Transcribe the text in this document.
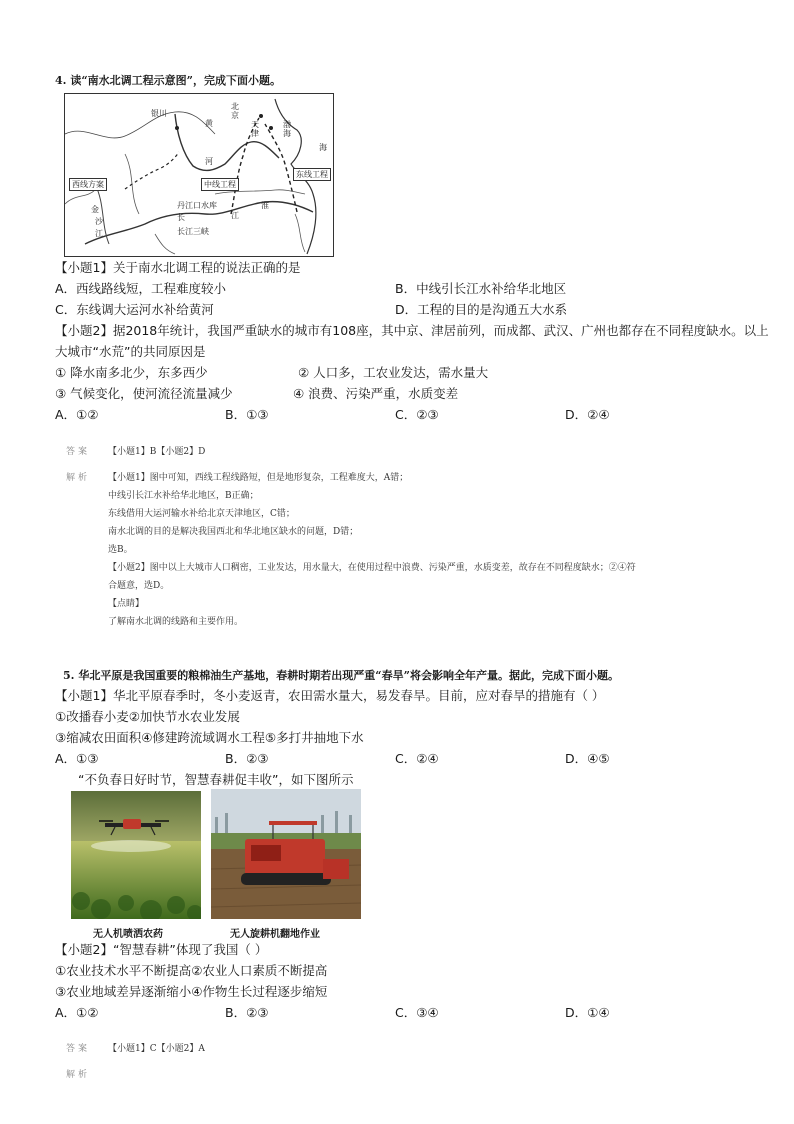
4. 读“南水北调工程示意图”，完成下面小题。
银川
黄
河
北京
天津
渤海
西线方案	中线工程
东线工程
丹江口水库
长	江
长江三峡
淮
金
沙
江
海
【小题1】关于南水北调工程的说法正确的是
A．西线路线短，工程难度较小	B．中线引长江水补给华北地区
C．东线调大运河水补给黄河	D．工程的目的是沟通五大水系
【小题2】据2018年统计，我国严重缺水的城市有108座，其中京、津居前列，而成都、武汉、广州也都存在不同程度缺水。以上
大城市“水荒”的共同原因是
① 降水南多北少，东多西少	② 人口多，工农业发达，需水量大
③ 气候变化，使河流径流量减少	④ 浪费、污染严重，水质变差
A．①②	B．①③	C．②③	D．②④
答案 【小题1】B【小题2】D
解析 【小题1】图中可知，西线工程线路短，但是地形复杂，工程难度大，A错；
中线引长江水补给华北地区，B正确；
东线借用大运河输水补给北京天津地区，C错；
南水北调的目的是解决我国西北和华北地区缺水的问题，D错；
选B。
【小题2】图中以上大城市人口稠密，工业发达，用水量大，在使用过程中浪费、污染严重，水质变差，故存在不同程度缺水；②④符
合题意，选D。
【点睛】
了解南水北调的线路和主要作用。
5. 华北平原是我国重要的粮棉油生产基地，春耕时期若出现严重“春旱”将会影响全年产量。据此，完成下面小题。
【小题1】华北平原春季时，冬小麦返青，农田需水量大，易发春旱。目前，应对春旱的措施有（ ）
①改播春小麦②加快节水农业发展
③缩减农田面积④修建跨流域调水工程⑤多打井抽地下水
A．①③	B．②③	C．②④	D．④⑤
“不负春日好时节，智慧春耕促丰收”，如下图所示
无人机喷洒农药	无人旋耕机翻地作业
【小题2】“智慧春耕”体现了我国（ ）
①农业技术水平不断提高②农业人口素质不断提高
③农业地域差异逐渐缩小④作物生长过程逐步缩短
A．①②	B．②③	C．③④	D．①④
答案 【小题1】C【小题2】A
解析
